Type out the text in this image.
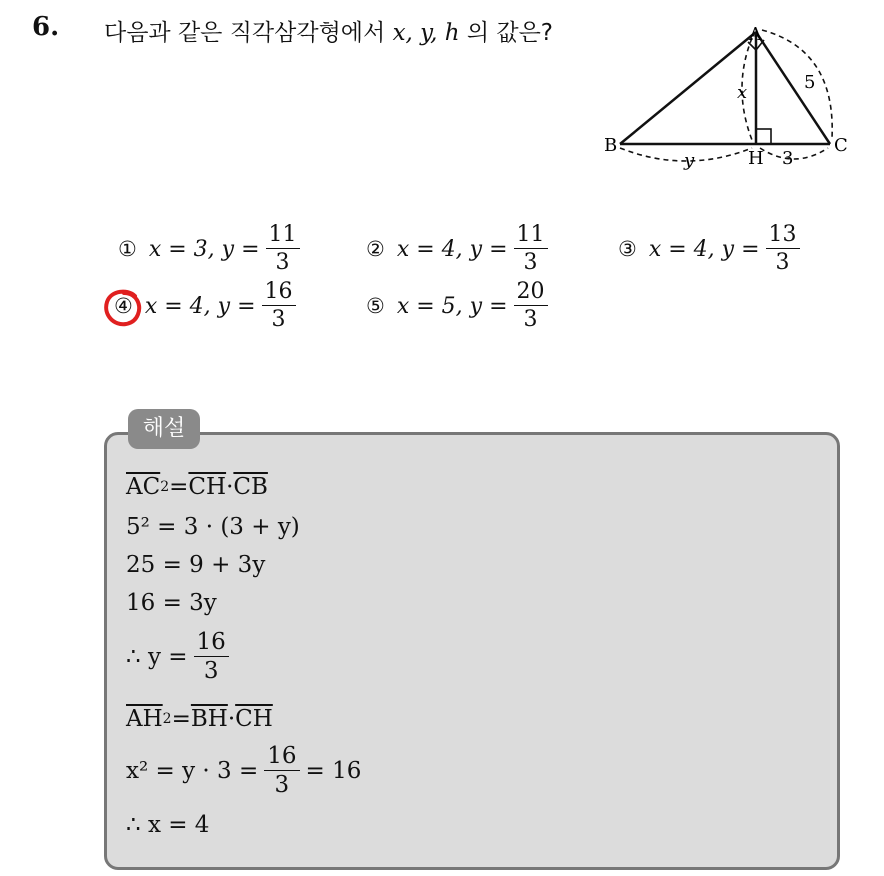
6. 다음과 같은 직각삼각형에서 x, y, h 의 값은?	A
B	C
H
x
y
5
3
① x = 3,
$y = \frac{11}{3}$	② x = 4,
$y = \frac{11}{3}$	③ x = 4,
$y = \frac{13}{3}$
④ x = 4,
$y = \frac{16}{3}$	⑤ x = 5,
$y = \frac{20}{3}$
해설
$\overline{AC}$ $2 = \overline{CH} \cdot \overline{CB}$
5² = 3 · (3 + y)
25 = 9 + 3y
16 = 3y
∴ $y = \frac{16}{3}$
$\overline{AH}$ $2 = \overline{BH} \cdot \overline{CH}$
$x^2 = y \cdot 3 = \frac{16}{3} = 16$
∴ x = 4
